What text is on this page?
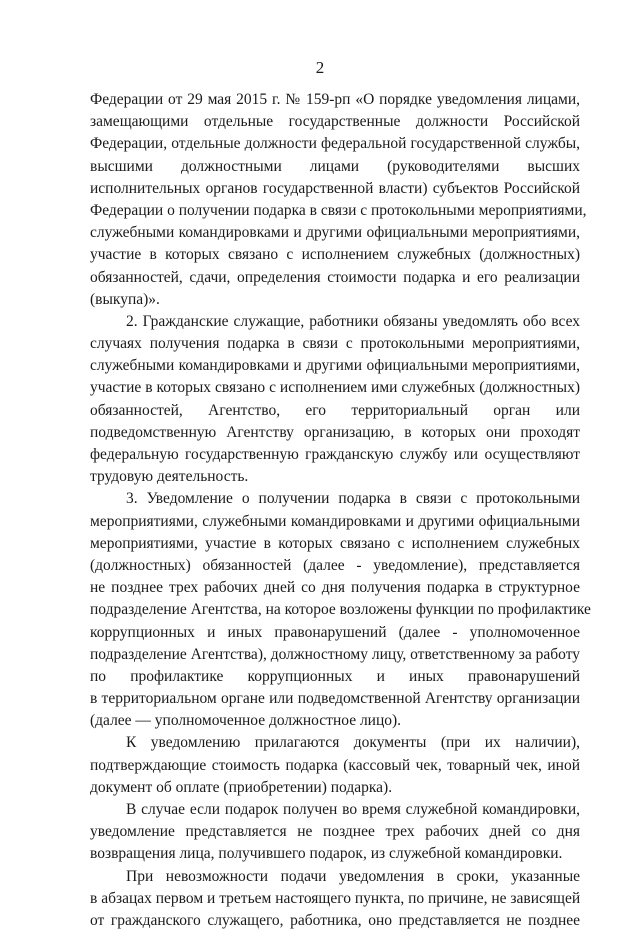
2
Федерации от 29 мая 2015 г. № 159-рп «О порядке уведомления лицами,
замещающими отдельные государственные должности Российской
Федерации, отдельные должности федеральной государственной службы,
высшими должностными лицами (руководителями высших
исполнительных органов государственной власти) субъектов Российской
Федерации о получении подарка в связи с протокольными мероприятиями,
служебными командировками и другими официальными мероприятиями,
участие в которых связано с исполнением служебных (должностных)
обязанностей, сдачи, определения стоимости подарка и его реализации
(выкупа)».
2. Гражданские служащие, работники обязаны уведомлять обо всех
случаях получения подарка в связи с протокольными мероприятиями,
служебными командировками и другими официальными мероприятиями,
участие в которых связано с исполнением ими служебных (должностных)
обязанностей, Агентство, его территориальный орган или
подведомственную Агентству организацию, в которых они проходят
федеральную государственную гражданскую службу или осуществляют
трудовую деятельность.
3. Уведомление о получении подарка в связи с протокольными
мероприятиями, служебными командировками и другими официальными
мероприятиями, участие в которых связано с исполнением служебных
(должностных) обязанностей (далее - уведомление), представляется
не позднее трех рабочих дней со дня получения подарка в структурное
подразделение Агентства, на которое возложены функции по профилактике
коррупционных и иных правонарушений (далее - уполномоченное
подразделение Агентства), должностному лицу, ответственному за работу
по профилактике коррупционных и иных правонарушений
в территориальном органе или подведомственной Агентству организации
(далее — уполномоченное должностное лицо).
К уведомлению прилагаются документы (при их наличии),
подтверждающие стоимость подарка (кассовый чек, товарный чек, иной
документ об оплате (приобретении) подарка).
В случае если подарок получен во время служебной командировки,
уведомление представляется не позднее трех рабочих дней со дня
возвращения лица, получившего подарок, из служебной командировки.
При невозможности подачи уведомления в сроки, указанные
в абзацах первом и третьем настоящего пункта, по причине, не зависящей
от гражданского служащего, работника, оно представляется не позднее
